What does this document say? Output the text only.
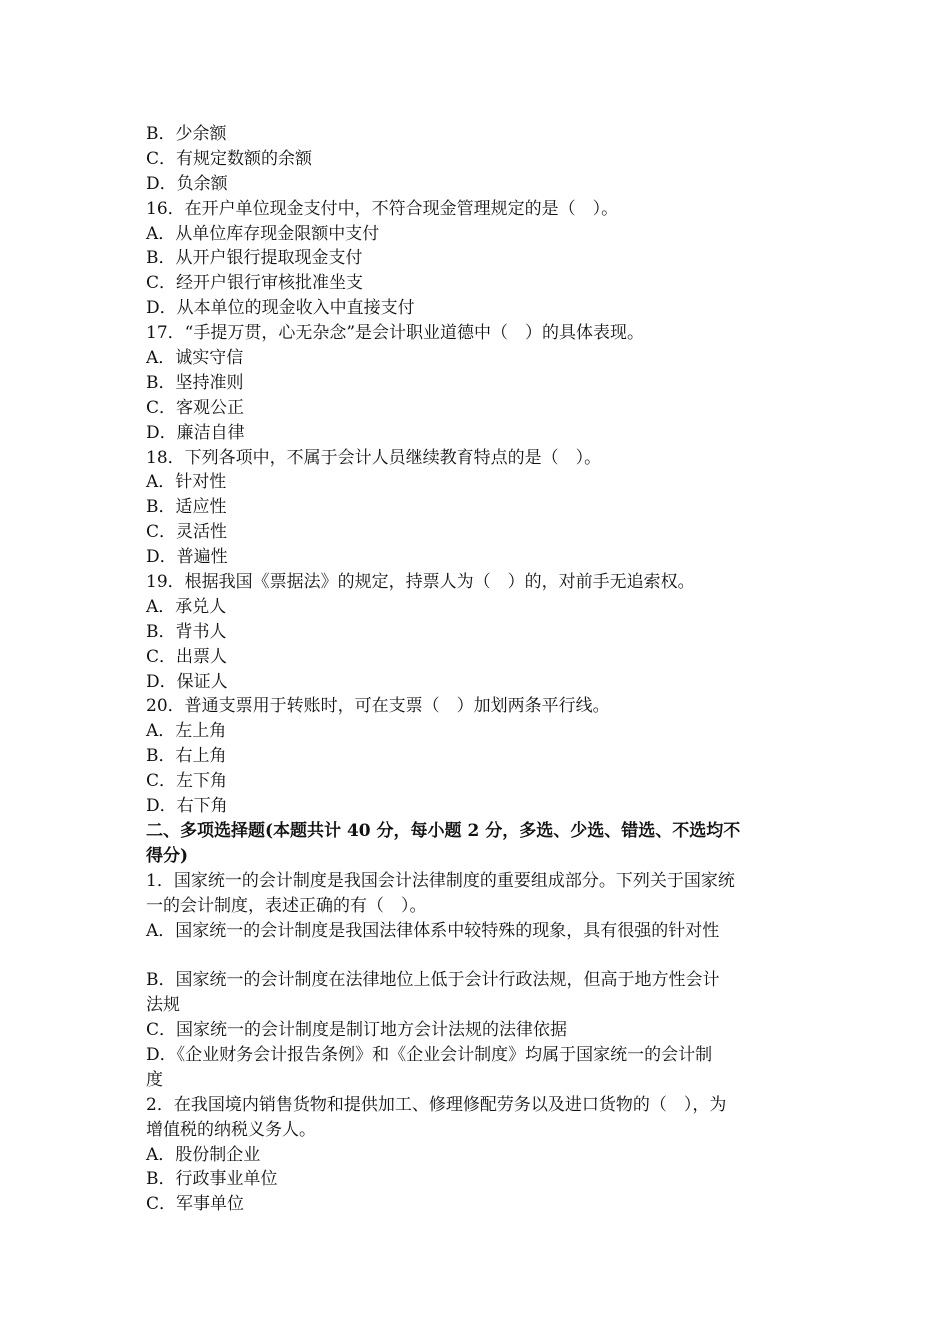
B．少余额
C．有规定数额的余额
D．负余额
16．在开户单位现金支付中，不符合现金管理规定的是（　）。
A．从单位库存现金限额中支付
B．从开户银行提取现金支付
C．经开户银行审核批准坐支
D．从本单位的现金收入中直接支付
17．“手提万贯，心无杂念”是会计职业道德中（　）的具体表现。
A．诚实守信
B．坚持准则
C．客观公正
D．廉洁自律
18．下列各项中，不属于会计人员继续教育特点的是（　）。
A．针对性
B．适应性
C．灵活性
D．普遍性
19．根据我国《票据法》的规定，持票人为（　）的，对前手无追索权。
A．承兑人
B．背书人
C．出票人
D．保证人
20．普通支票用于转账时，可在支票（　）加划两条平行线。
A．左上角
B．右上角
C．左下角
D．右下角
二、多项选择题(本题共计 40 分，每小题 2 分，多选、少选、错选、不选均不
得分)
1．国家统一的会计制度是我国会计法律制度的重要组成部分。下列关于国家统
一的会计制度，表述正确的有（　）。
A．国家统一的会计制度是我国法律体系中较特殊的现象，具有很强的针对性
B．国家统一的会计制度在法律地位上低于会计行政法规，但高于地方性会计
法规
C．国家统一的会计制度是制订地方会计法规的法律依据
D．《企业财务会计报告条例》和《企业会计制度》均属于国家统一的会计制
度
2．在我国境内销售货物和提供加工、修理修配劳务以及进口货物的（　），为
增值税的纳税义务人。
A．股份制企业
B．行政事业单位
C．军事单位
